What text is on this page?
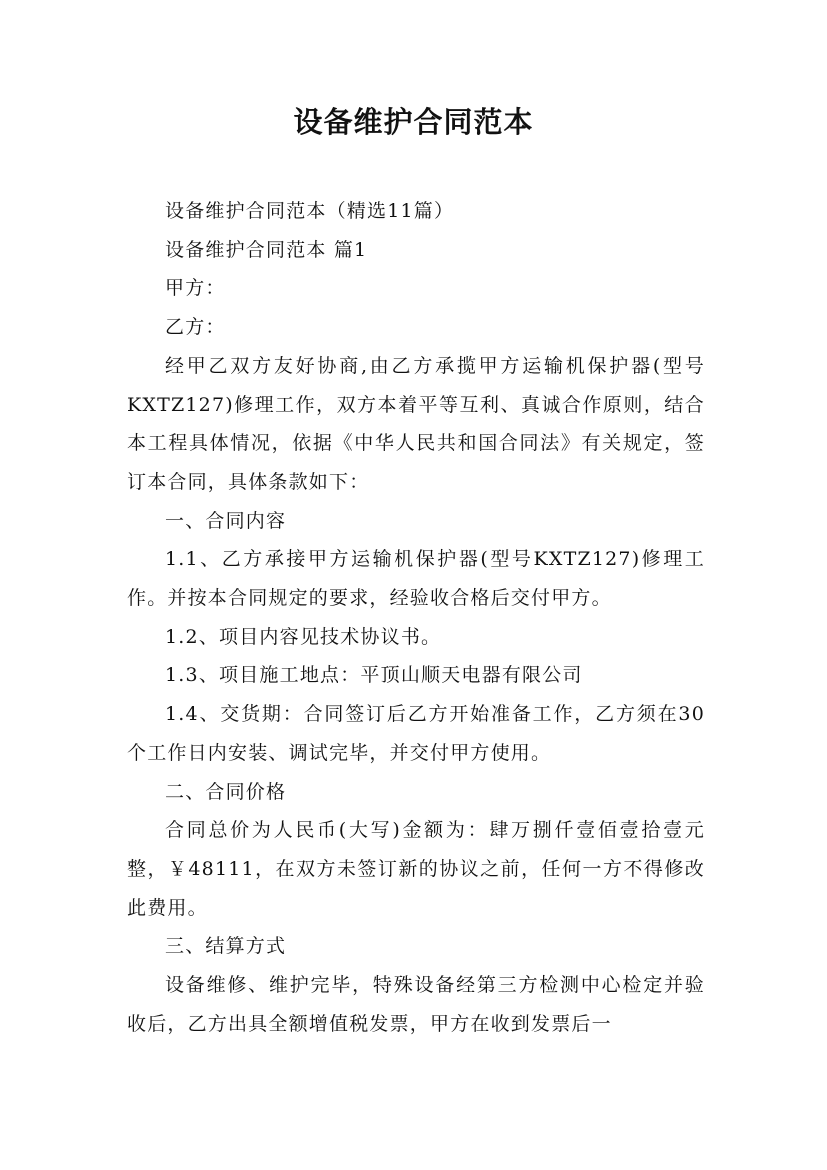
设备维护合同范本

设备维护合同范本（精选11篇）

设备维护合同范本 篇1

甲方：

乙方：

经甲乙双方友好协商,由乙方承揽甲方运输机保护器(型号KXTZ127)修理工作，双方本着平等互利、真诚合作原则，结合本工程具体情况，依据《中华人民共和国合同法》有关规定，签订本合同，具体条款如下：

一、合同内容

1.1、乙方承接甲方运输机保护器(型号KXTZ127)修理工作。并按本合同规定的要求，经验收合格后交付甲方。

1.2、项目内容见技术协议书。

1.3、项目施工地点：平顶山顺天电器有限公司

1.4、交货期：合同签订后乙方开始准备工作，乙方须在30个工作日内安装、调试完毕，并交付甲方使用。

二、合同价格

合同总价为人民币(大写)金额为：肆万捌仟壹佰壹拾壹元整，￥48111，在双方未签订新的协议之前，任何一方不得修改此费用。

三、结算方式

设备维修、维护完毕，特殊设备经第三方检测中心检定并验收后，乙方出具全额增值税发票，甲方在收到发票后一
